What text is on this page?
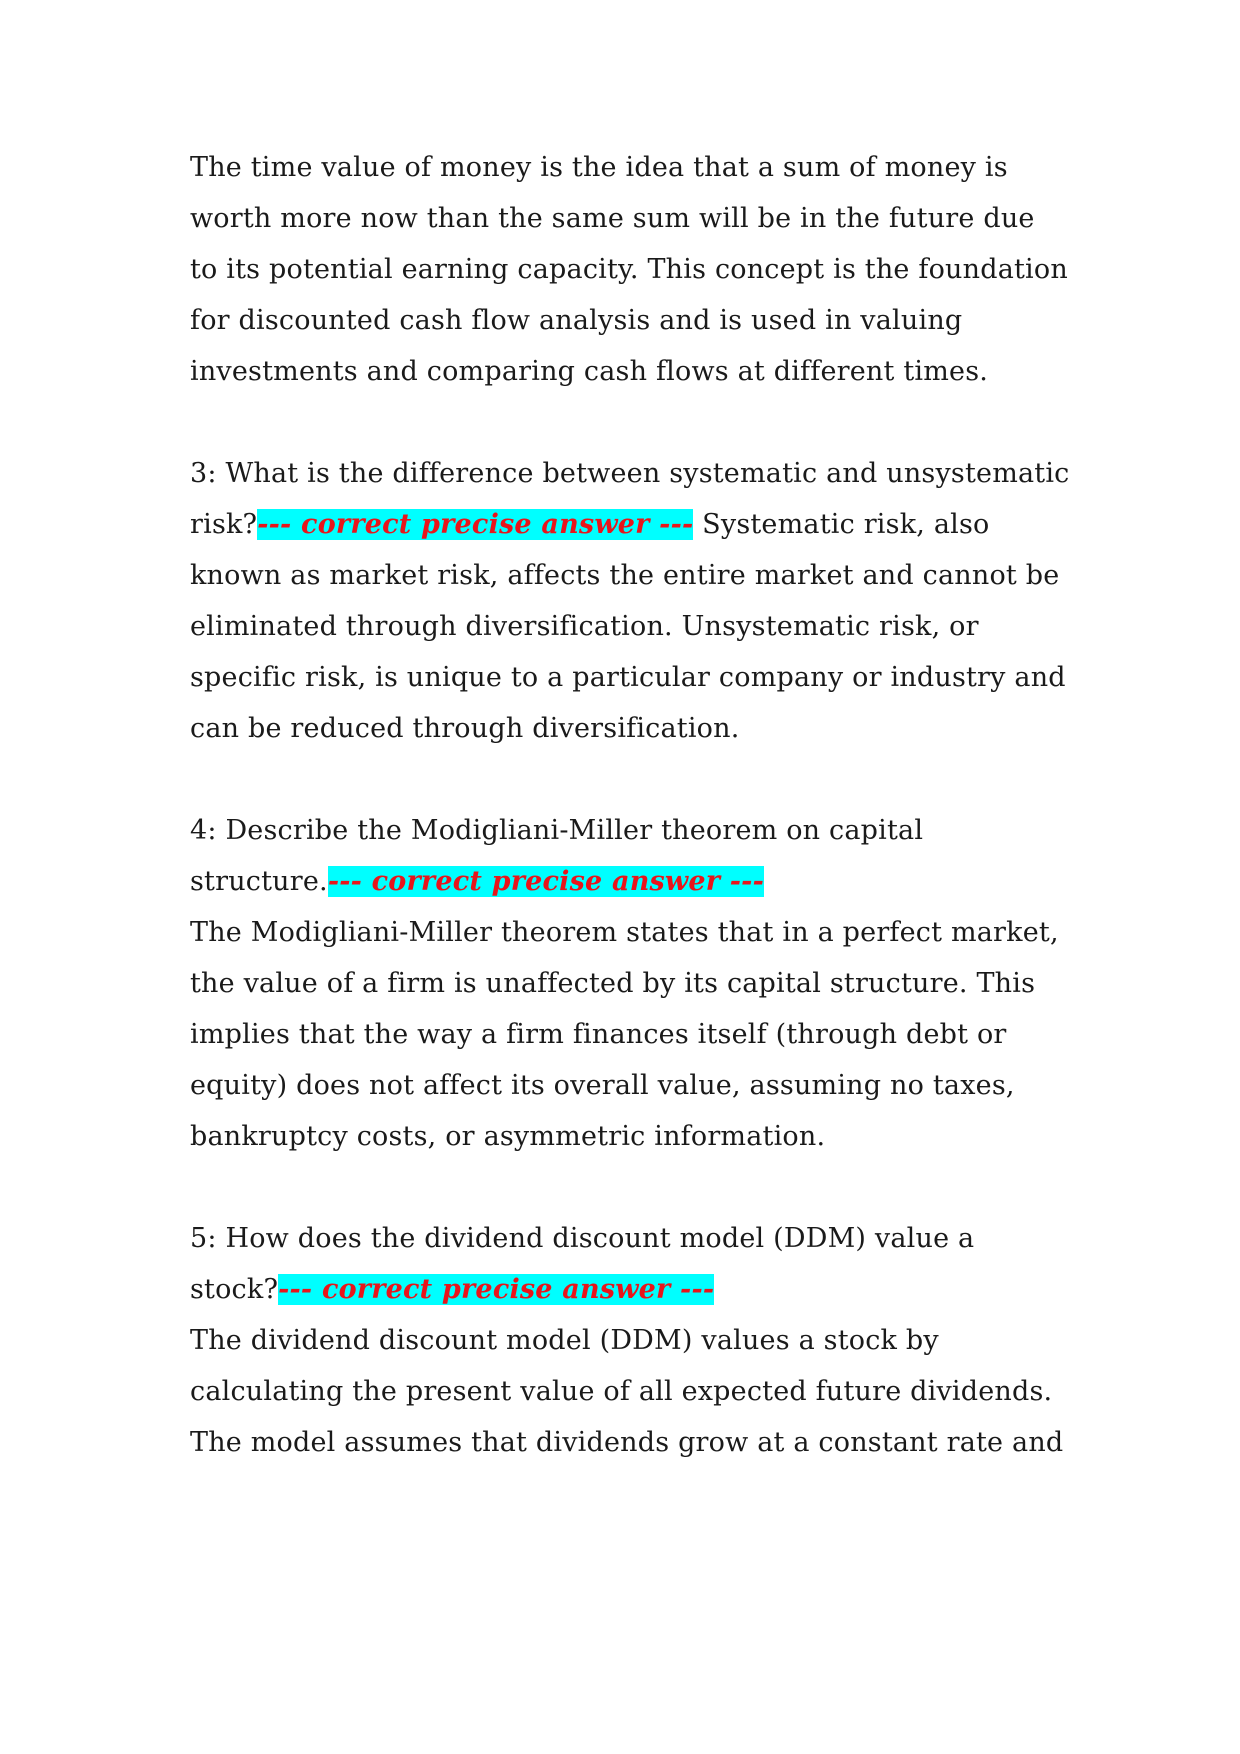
The time value of money is the idea that a sum of money is worth more now than the same sum will be in the future due to its potential earning capacity. This concept is the foundation for discounted cash flow analysis and is used in valuing investments and comparing cash flows at different times.

3: What is the difference between systematic and unsystematic risk?--- correct precise answer --- Systematic risk, also known as market risk, affects the entire market and cannot be eliminated through diversification. Unsystematic risk, or specific risk, is unique to a particular company or industry and can be reduced through diversification.

4: Describe the Modigliani-Miller theorem on capital structure.--- correct precise answer ---
The Modigliani-Miller theorem states that in a perfect market, the value of a firm is unaffected by its capital structure. This implies that the way a firm finances itself (through debt or equity) does not affect its overall value, assuming no taxes, bankruptcy costs, or asymmetric information.

5: How does the dividend discount model (DDM) value a stock?--- correct precise answer ---
The dividend discount model (DDM) values a stock by calculating the present value of all expected future dividends. The model assumes that dividends grow at a constant rate and
